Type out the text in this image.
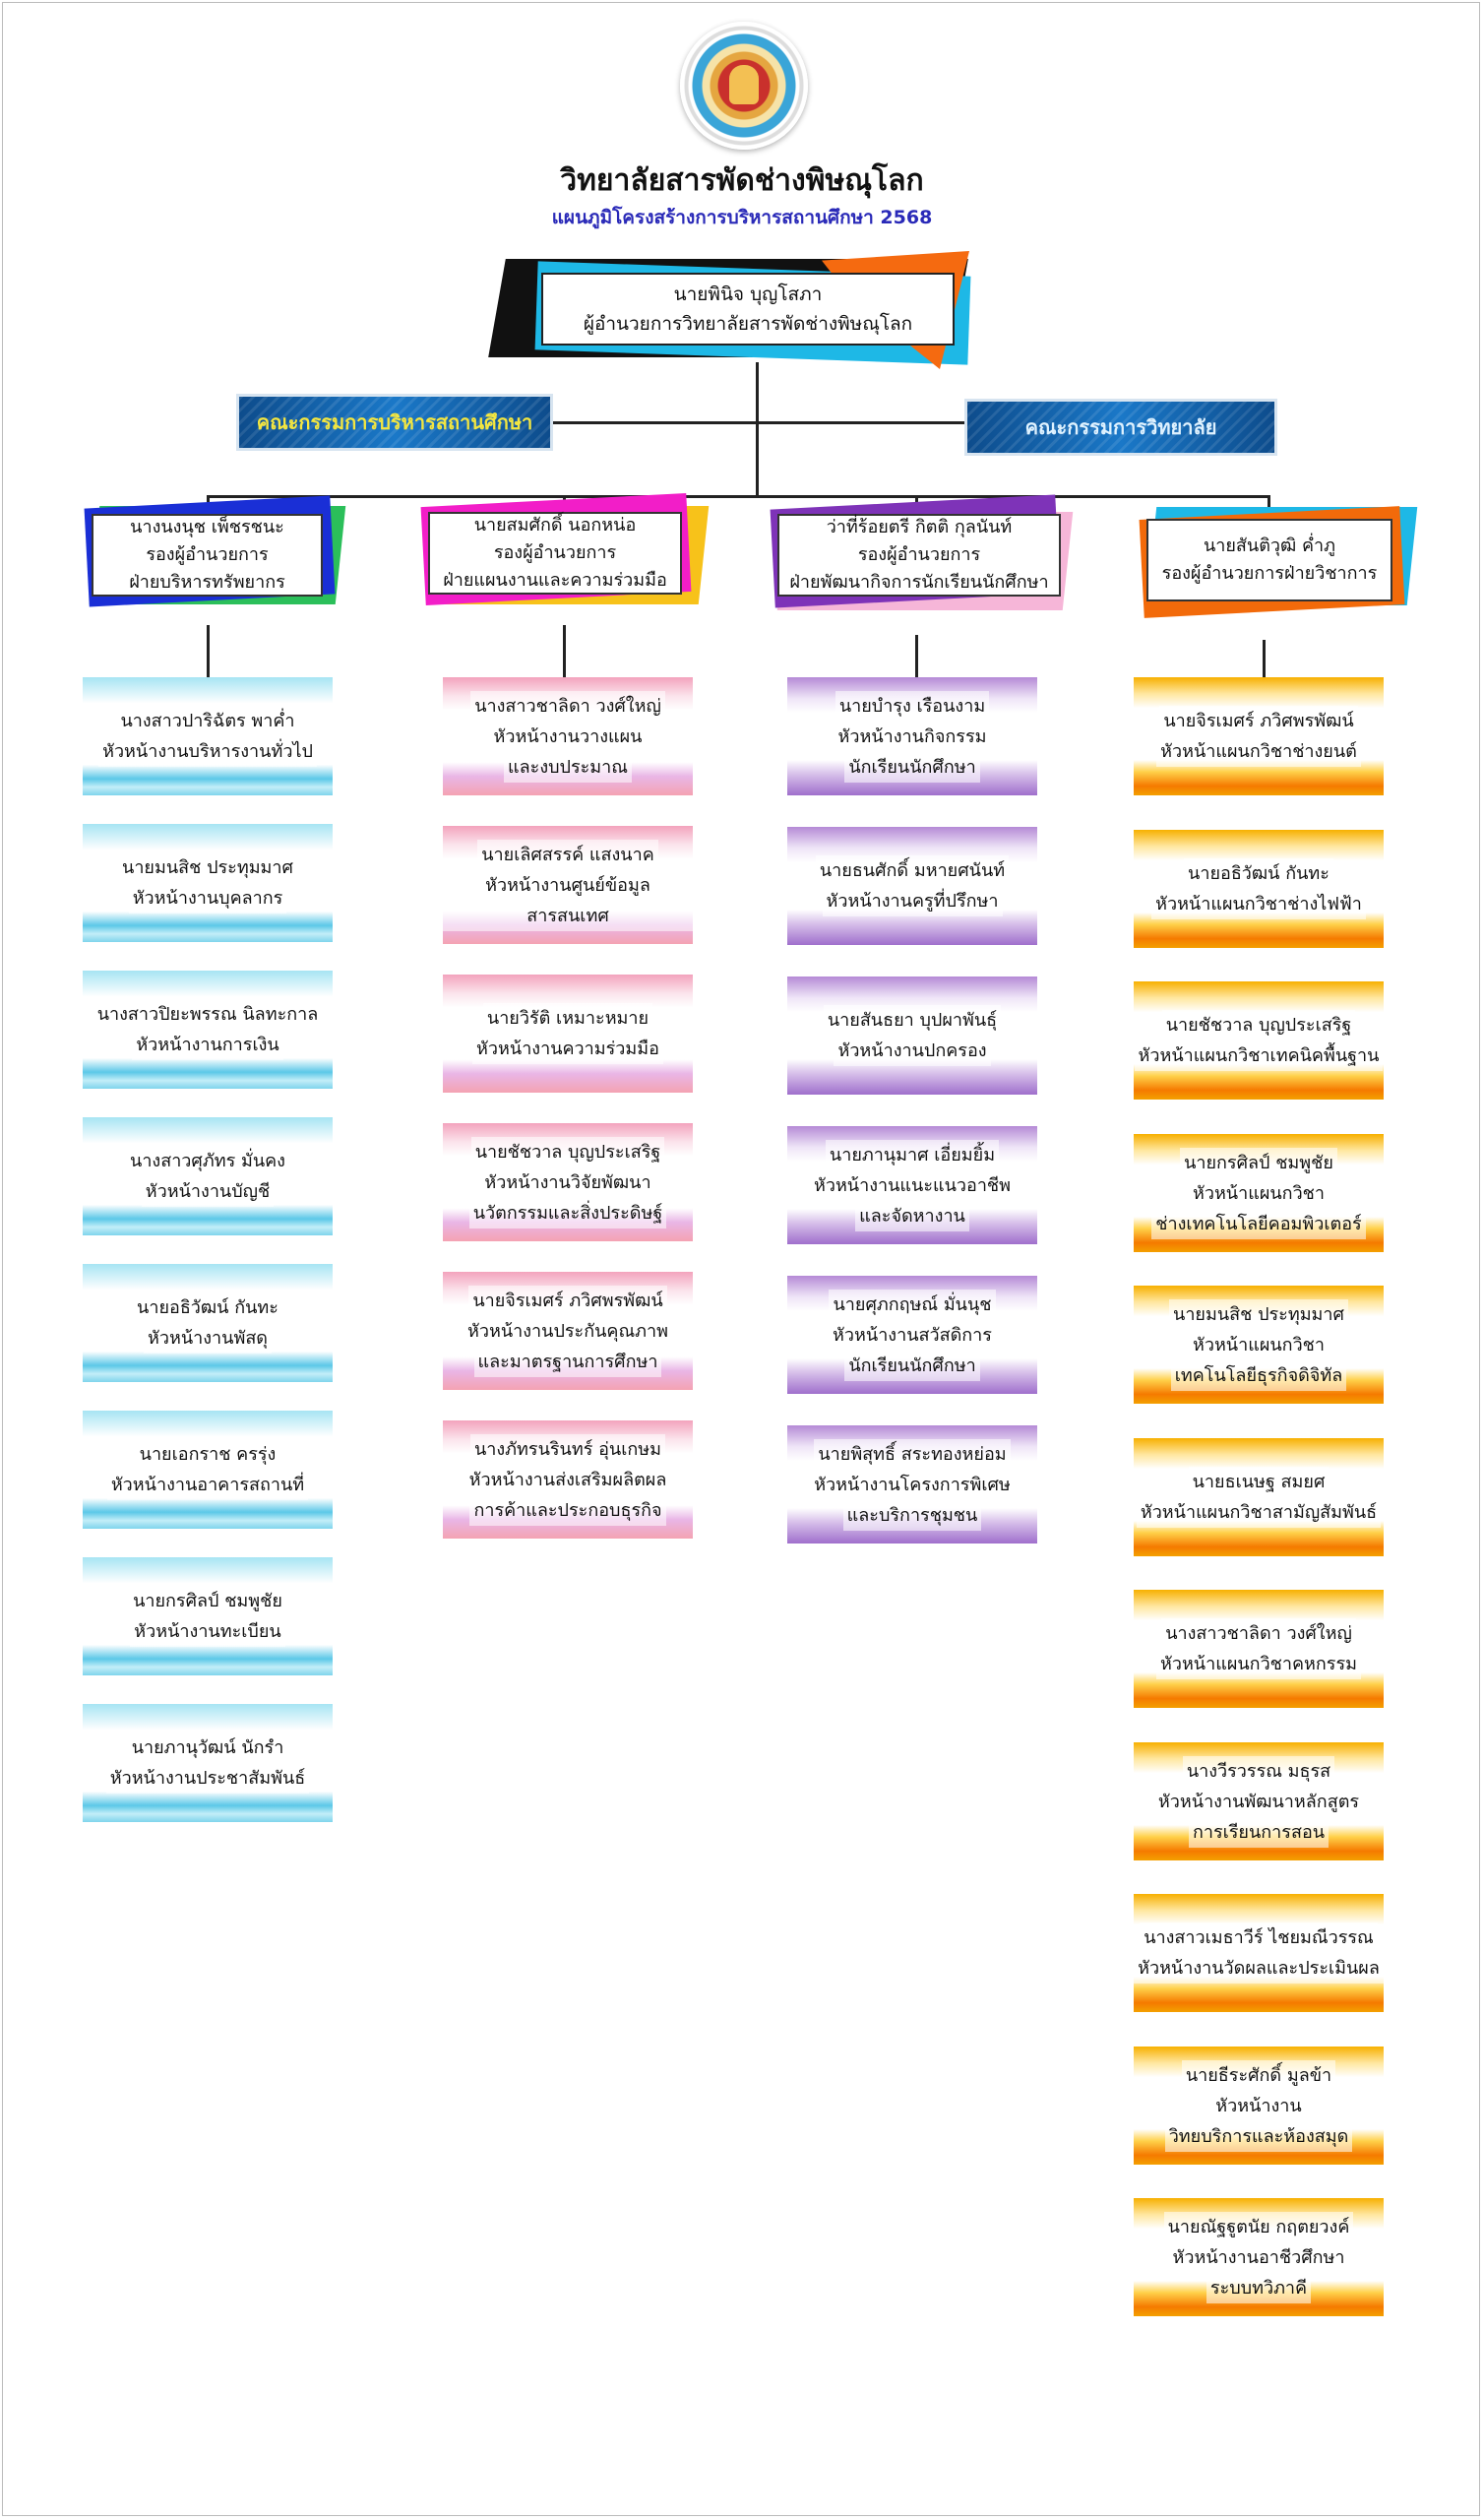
วิทยาลัยสารพัดช่างพิษณุโลก
แผนภูมิโครงสร้างการบริหารสถานศึกษา 2568
นายพินิจ บุญโสภา
ผู้อำนวยการวิทยาลัยสารพัดช่างพิษณุโลก
คณะกรรมการบริหารสถานศึกษา	คณะกรรมการวิทยาลัย
นางนงนุช เพ็ชรชนะ
รองผู้อำนวยการ
ฝ่ายบริหารทรัพยากร
นายสมศักดิ์ นอกหน่อ
รองผู้อำนวยการ
ฝ่ายแผนงานและความร่วมมือ
ว่าที่ร้อยตรี กิตติ กุลนันท์
รองผู้อำนวยการ
ฝ่ายพัฒนากิจการนักเรียนนักศึกษา
นายสันติวุฒิ ค่ำภู
รองผู้อำนวยการฝ่ายวิชาการ
นางสาวปาริฉัตร พาค่ำ
หัวหน้างานบริหารงานทั่วไป
นายมนสิช ประทุมมาศ
หัวหน้างานบุคลากร
นางสาวปิยะพรรณ นิลทะกาล
หัวหน้างานการเงิน
นางสาวศุภัทร มั่นคง
หัวหน้างานบัญชี
นายอธิวัฒน์ กันทะ
หัวหน้างานพัสดุ
นายเอกราช ครรุ่ง
หัวหน้างานอาคารสถานที่
นายกรศิลป์ ชมพูชัย
หัวหน้างานทะเบียน
นายภานุวัฒน์ นักรำ
หัวหน้างานประชาสัมพันธ์
นางสาวชาลิดา วงศ์ใหญ่
หัวหน้างานวางแผน
และงบประมาณ
นายเลิศสรรค์ แสงนาค
หัวหน้างานศูนย์ข้อมูลสารสนเทศ
นายวิรัติ เหมาะหมาย
หัวหน้างานความร่วมมือ
นายชัชวาล บุญประเสริฐ
หัวหน้างานวิจัยพัฒนา
นวัตกรรมและสิ่งประดิษฐ์
นายจิรเมศร์ ภวิศพรพัฒน์
หัวหน้างานประกันคุณภาพ
และมาตรฐานการศึกษา
นางภัทรนรินทร์ อุ่นเกษม
หัวหน้างานส่งเสริมผลิตผล
การค้าและประกอบธุรกิจ
นายบำรุง เรือนงาม
หัวหน้างานกิจกรรม
นักเรียนนักศึกษา
นายธนศักดิ์ มหายศนันท์
หัวหน้างานครูที่ปรึกษา
นายสันธยา บุปผาพันธุ์
หัวหน้างานปกครอง
นายภานุมาศ เอี่ยมยิ้ม
หัวหน้างานแนะแนวอาชีพ
และจัดหางาน
นายศุภกฤษณ์ มั่นนุช
หัวหน้างานสวัสดิการ
นักเรียนนักศึกษา
นายพิสุทธิ์ สระทองหย่อม
หัวหน้างานโครงการพิเศษ
และบริการชุมชน
นายจิรเมศร์ ภวิศพรพัฒน์
หัวหน้าแผนกวิชาช่างยนต์
นายอธิวัฒน์ กันทะ
หัวหน้าแผนกวิชาช่างไฟฟ้า
นายชัชวาล บุญประเสริฐ
หัวหน้าแผนกวิชาเทคนิคพื้นฐาน
นายกรศิลป์ ชมพูชัย
หัวหน้าแผนกวิชา
ช่างเทคโนโลยีคอมพิวเตอร์
นายมนสิช ประทุมมาศ
หัวหน้าแผนกวิชา
เทคโนโลยีธุรกิจดิจิทัล
นายธเนษฐ สมยศ
หัวหน้าแผนกวิชาสามัญสัมพันธ์
นางสาวชาลิดา วงศ์ใหญ่
หัวหน้าแผนกวิชาคหกรรม
นางวีรวรรณ มธุรส
หัวหน้างานพัฒนาหลักสูตร
การเรียนการสอน
นางสาวเมธาวีร์ ไชยมณีวรรณ
หัวหน้างานวัดผลและประเมินผล
นายธีระศักดิ์ มูลข้า
หัวหน้างาน
วิทยบริการและห้องสมุด
นายณัฐฐูตนัย กฤตยวงค์
หัวหน้างานอาชีวศึกษา
ระบบทวิภาคี
